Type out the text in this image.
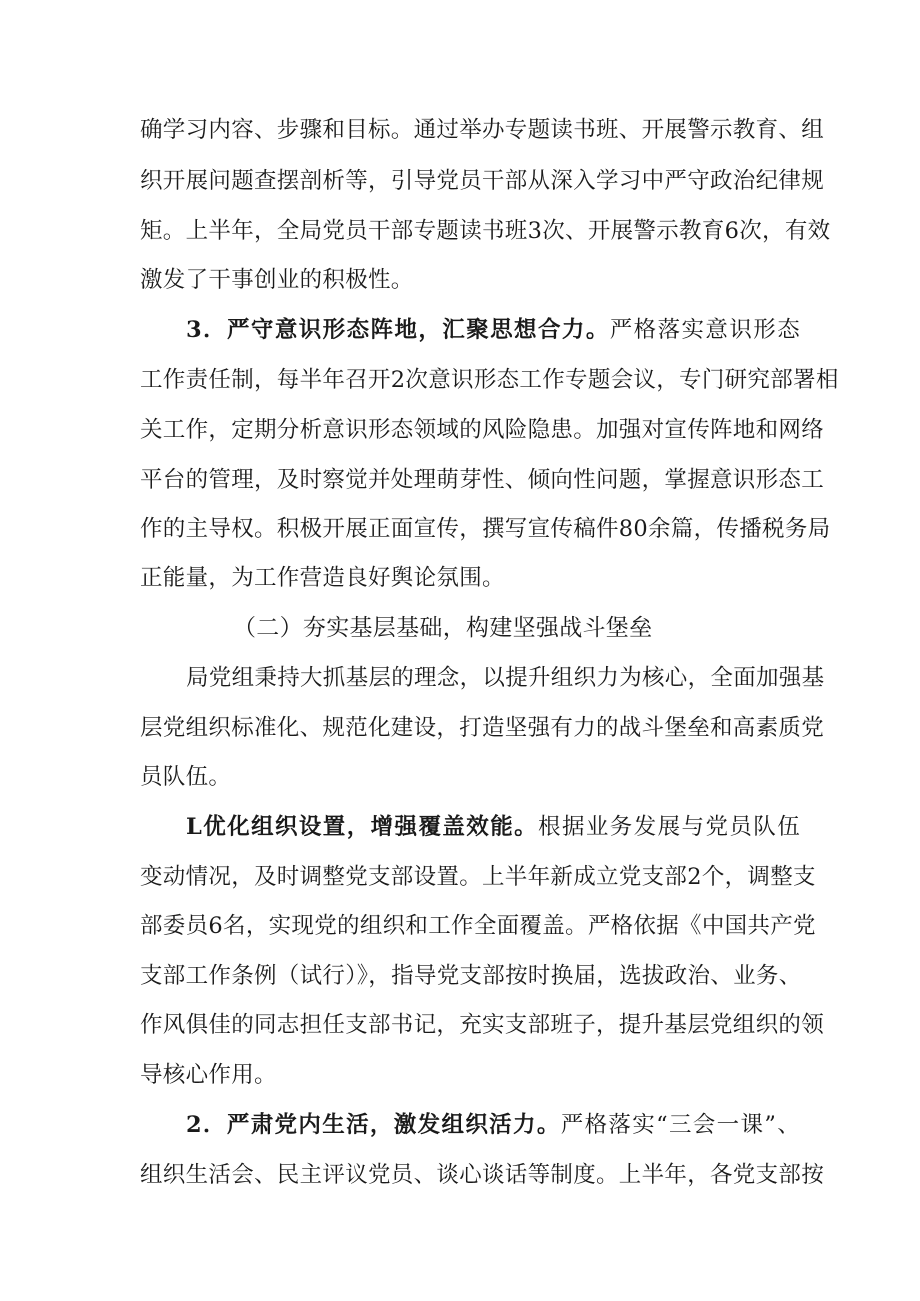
确学习内容、步骤和目标。通过举办专题读书班、开展警示教育、组
织开展问题查摆剖析等，引导党员干部从深入学习中严守政治纪律规
矩。上半年，全局党员干部专题读书班3次、开展警示教育6次，有效
激发了干事创业的积极性。
3．严守意识形态阵地，汇聚思想合力。严格落实意识形态
工作责任制，每半年召开2次意识形态工作专题会议，专门研究部署相
关工作，定期分析意识形态领域的风险隐患。加强对宣传阵地和网络
平台的管理，及时察觉并处理萌芽性、倾向性问题，掌握意识形态工
作的主导权。积极开展正面宣传，撰写宣传稿件80余篇，传播税务局
正能量，为工作营造良好舆论氛围。
（二）夯实基层基础，构建坚强战斗堡垒
局党组秉持大抓基层的理念，以提升组织力为核心，全面加强基
层党组织标准化、规范化建设，打造坚强有力的战斗堡垒和高素质党
员队伍。
L优化组织设置，增强覆盖效能。根据业务发展与党员队伍
变动情况，及时调整党支部设置。上半年新成立党支部2个，调整支
部委员6名，实现党的组织和工作全面覆盖。严格依据《中国共产党
支部工作条例（试行）》，指导党支部按时换届，选拔政治、业务、
作风俱佳的同志担任支部书记，充实支部班子，提升基层党组织的领
导核心作用。
2．严肃党内生活，激发组织活力。严格落实“三会一课”、
组织生活会、民主评议党员、谈心谈话等制度。上半年，各党支部按
